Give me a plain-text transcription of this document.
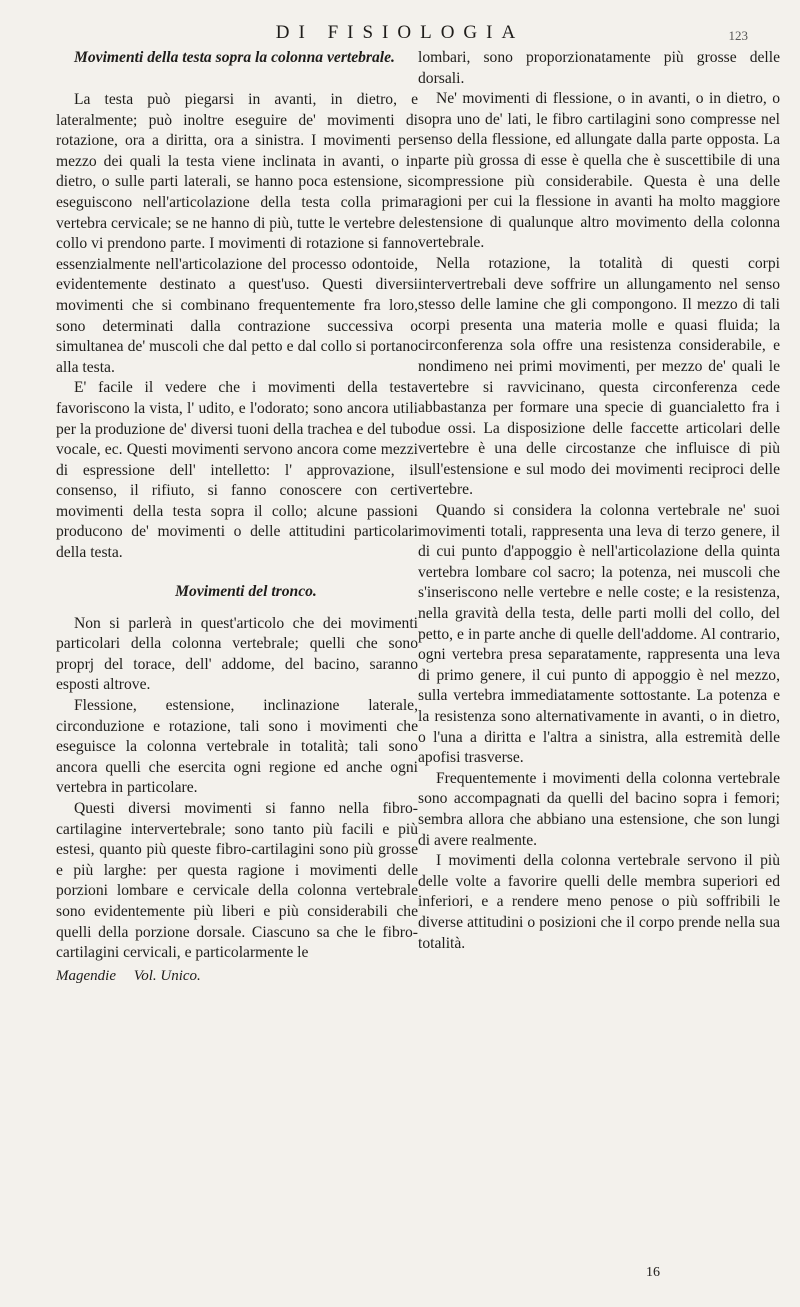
DI FISIOLOGIA	123

Movimenti della testa sopra la colonna vertebrale.

La testa può piegarsi in avanti, in dietro, e lateralmente; può inoltre eseguire de' movimenti di rotazione, ora a diritta, ora a sinistra. I movimenti per mezzo dei quali la testa viene inclinata in avanti, o in dietro, o sulle parti laterali, se hanno poca estensione, si eseguiscono nell'articolazione della testa colla prima vertebra cervicale; se ne hanno di più, tutte le vertebre del collo vi prendono parte. I movimenti di rotazione si fanno essenzialmente nell'articolazione del processo odontoide, evidentemente destinato a quest'uso. Questi diversi movimenti che si combinano frequentemente fra loro, sono determinati dalla contrazione successiva o simultanea de' muscoli che dal petto e dal collo si portano alla testa.

E' facile il vedere che i movimenti della testa favoriscono la vista, l' udito, e l'odorato; sono ancora utili per la produzione de' diversi tuoni della trachea e del tubo vocale, ec. Questi movimenti servono ancora come mezzi di espressione dell' intelletto: l' approvazione, il consenso, il rifiuto, si fanno conoscere con certi movimenti della testa sopra il collo; alcune passioni producono de' movimenti o delle attitudini particolari della testa.

Movimenti del tronco.

Non si parlerà in quest'articolo che dei movimenti particolari della colonna vertebrale; quelli che sono proprj del torace, dell' addome, del bacino, saranno esposti altrove.

Flessione, estensione, inclinazione laterale, circonduzione e rotazione, tali sono i movimenti che eseguisce la colonna vertebrale in totalità; tali sono ancora quelli che esercita ogni regione ed anche ogni vertebra in particolare.

Questi diversi movimenti si fanno nella fibro-cartilagine intervertebrale; sono tanto più facili e più estesi, quanto più queste fibro-cartilagini sono più grosse e più larghe: per questa ragione i movimenti delle porzioni lombare e cervicale della colonna vertebrale sono evidentemente più liberi e più considerabili che quelli della porzione dorsale. Ciascuno sa che le fibro-cartilagini cervicali, e particolarmente le

Magendie Vol. Unico.

lombari, sono proporzionatamente più grosse delle dorsali.

Ne' movimenti di flessione, o in avanti, o in dietro, o sopra uno de' lati, le fibro cartilagini sono compresse nel senso della flessione, ed allungate dalla parte opposta. La parte più grossa di esse è quella che è suscettibile di una compressione più considerabile. Questa è una delle ragioni per cui la flessione in avanti ha molto maggiore estensione di qualunque altro movimento della colonna vertebrale.

Nella rotazione, la totalità di questi corpi intervertrebali deve soffrire un allungamento nel senso stesso delle lamine che gli compongono. Il mezzo di tali corpi presenta una materia molle e quasi fluida; la circonferenza sola offre una resistenza considerabile, e nondimeno nei primi movimenti, per mezzo de' quali le vertebre si ravvicinano, questa circonferenza cede abbastanza per formare una specie di guancialetto fra i due ossi. La disposizione delle faccette articolari delle vertebre è una delle circostanze che influisce di più sull'estensione e sul modo dei movimenti reciproci delle vertebre.

Quando si considera la colonna vertebrale ne' suoi movimenti totali, rappresenta una leva di terzo genere, il di cui punto d'appoggio è nell'articolazione della quinta vertebra lombare col sacro; la potenza, nei muscoli che s'inseriscono nelle vertebre e nelle coste; e la resistenza, nella gravità della testa, delle parti molli del collo, del petto, e in parte anche di quelle dell'addome. Al contrario, ogni vertebra presa separatamente, rappresenta una leva di primo genere, il cui punto di appoggio è nel mezzo, sulla vertebra immediatamente sottostante. La potenza e la resistenza sono alternativamente in avanti, o in dietro, o l'una a diritta e l'altra a sinistra, alla estremità delle apofisi trasverse.

Frequentemente i movimenti della colonna vertebrale sono accompagnati da quelli del bacino sopra i femori; sembra allora che abbiano una estensione, che son lungi di avere realmente.

I movimenti della colonna vertebrale servono il più delle volte a favorire quelli delle membra superiori ed inferiori, e a rendere meno penose o più soffribili le diverse attitudini o posizioni che il corpo prende nella sua totalità.

16
